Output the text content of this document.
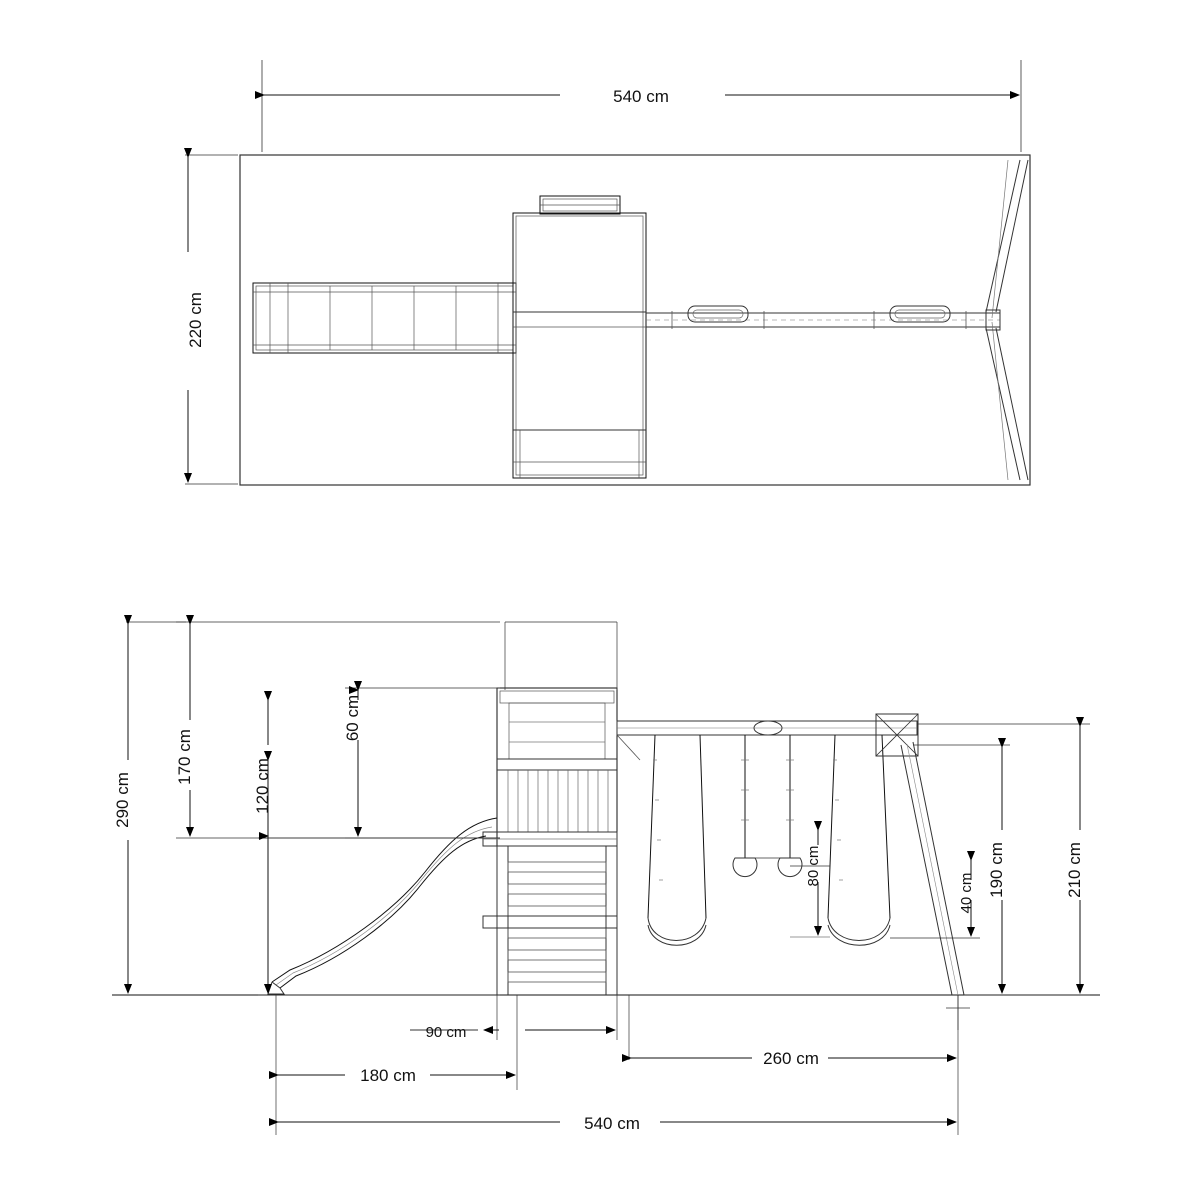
540 cm
220 cm
290 cm
170 cm
120 cm
60 cm
210 cm
190 cm
80 cm
40 cm
90 cm
180 cm
260 cm
540 cm
